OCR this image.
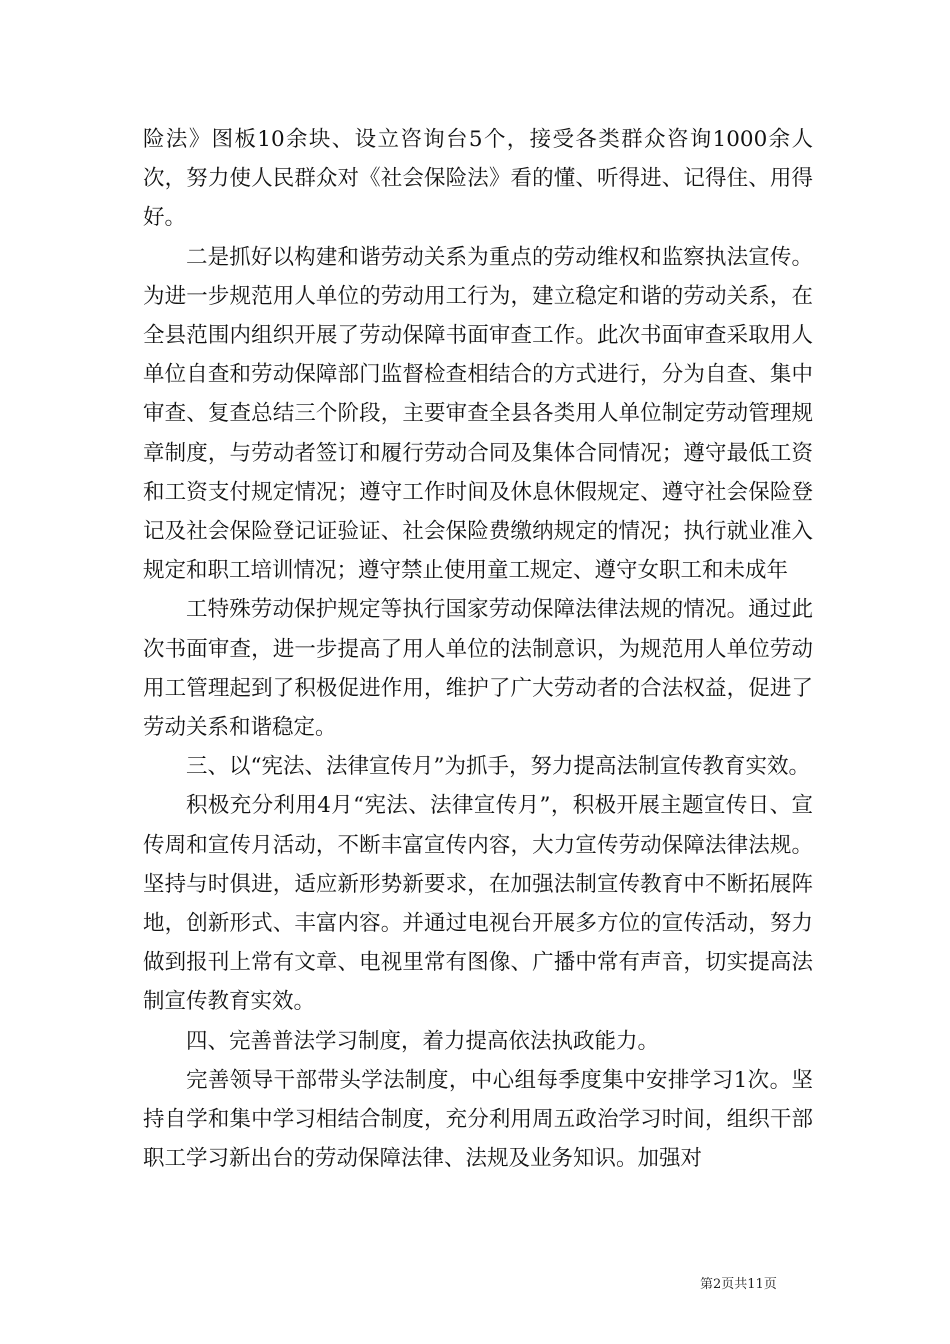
险法》图板10余块、设立咨询台5个，接受各类群众咨询1000余人次，努力使人民群众对《社会保险法》看的懂、听得进、记得住、用得好。

二是抓好以构建和谐劳动关系为重点的劳动维权和监察执法宣传。为进一步规范用人单位的劳动用工行为，建立稳定和谐的劳动关系，在全县范围内组织开展了劳动保障书面审查工作。此次书面审查采取用人单位自查和劳动保障部门监督检查相结合的方式进行，分为自查、集中审查、复查总结三个阶段，主要审查全县各类用人单位制定劳动管理规章制度，与劳动者签订和履行劳动合同及集体合同情况；遵守最低工资和工资支付规定情况；遵守工作时间及休息休假规定、遵守社会保险登记及社会保险登记证验证、社会保险费缴纳规定的情况；执行就业准入规定和职工培训情况；遵守禁止使用童工规定、遵守女职工和未成年

工特殊劳动保护规定等执行国家劳动保障法律法规的情况。通过此次书面审查，进一步提高了用人单位的法制意识，为规范用人单位劳动用工管理起到了积极促进作用，维护了广大劳动者的合法权益，促进了劳动关系和谐稳定。

三、以“宪法、法律宣传月”为抓手，努力提高法制宣传教育实效。

积极充分利用4月“宪法、法律宣传月”，积极开展主题宣传日、宣传周和宣传月活动，不断丰富宣传内容，大力宣传劳动保障法律法规。坚持与时俱进，适应新形势新要求，在加强法制宣传教育中不断拓展阵地，创新形式、丰富内容。并通过电视台开展多方位的宣传活动，努力做到报刊上常有文章、电视里常有图像、广播中常有声音，切实提高法制宣传教育实效。

四、完善普法学习制度，着力提高依法执政能力。

完善领导干部带头学法制度，中心组每季度集中安排学习1次。坚持自学和集中学习相结合制度，充分利用周五政治学习时间，组织干部职工学习新出台的劳动保障法律、法规及业务知识。加强对

第2页共11页
